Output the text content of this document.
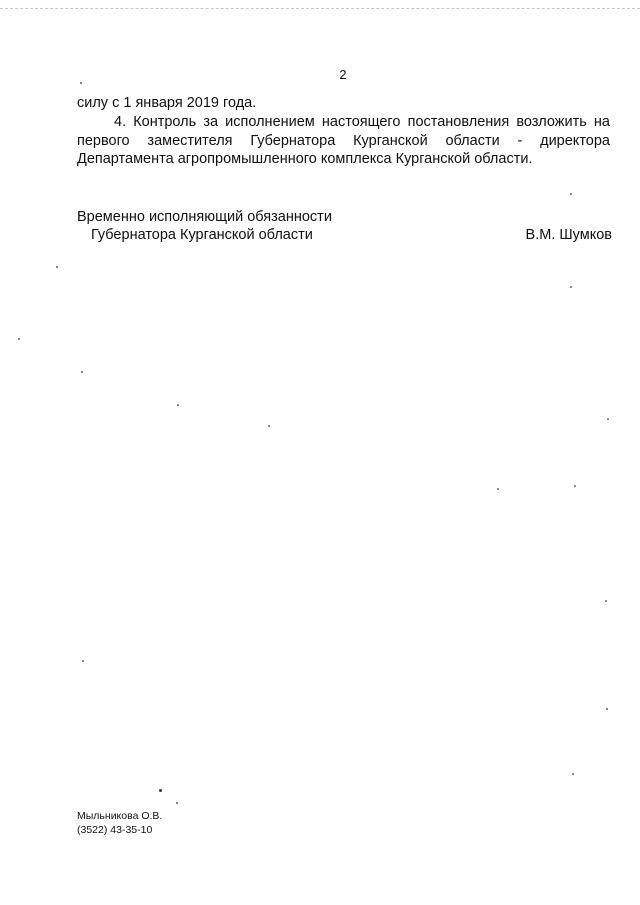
2
силу с 1 января 2019 года.
4. Контроль за исполнением настоящего постановления возложить на первого заместителя Губернатора Курганской области - директора Департамента агропромышленного комплекса Курганской области.
Временно исполняющий обязанности
Губернатора Курганской области	В.М. Шумков
Мыльникова О.В.
(3522) 43-35-10
